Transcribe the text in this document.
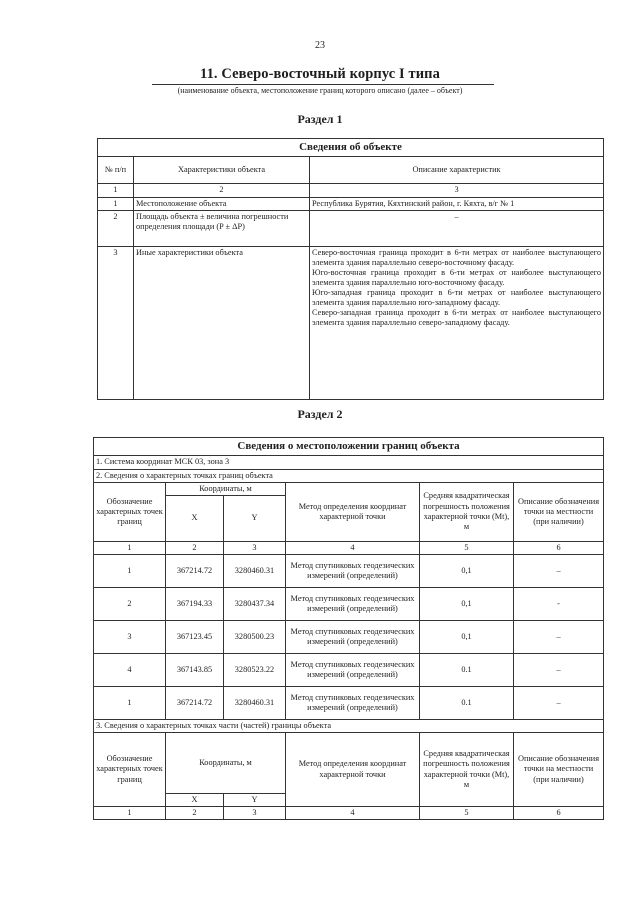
23
11. Северо-восточный корпус I типа
(наименование объекта, местоположение границ которого описано (далее – объект)
Раздел 1
Сведения об объекте		
№ п/п	Характеристики объекта	Описание характеристик
1	2	3
1	Местоположение объекта	Республика Бурятия, Кяхтинский район, г. Кяхта, в/г № 1
2	Площадь объекта ± величина погрешности определения площади (P ± ΔP)	–
3	Иные характеристики объекта	Северо-восточная граница проходит в 6-ти метрах от наиболее выступающего элемента здания параллельно северо-восточному фасаду.
Юго-восточная граница проходит в 6-ти метрах от наиболее выступающего элемента здания параллельно юго-восточному фасаду.
Юго-западная граница проходит в 6-ти метрах от наиболее выступающего элемента здания параллельно юго-западному фасаду.
Северо-западная граница проходит в 6-ти метрах от наиболее выступающего элемента здания параллельно северо-западному фасаду.
Раздел 2
Сведения о местоположении границ объекта					
1. Система координат МСК 03, зона 3					
2. Сведения о характерных точках границ объекта					
Обозначение характерных точек границ	Координаты, м		Метод определения координат характерной точки	Средняя квадратическая погрешность положения характерной точки (Mt), м	Описание обозначения точки на местности (при наличии)
	X	Y			
1	2	3	4	5	6
1	367214.72	3280460.31	Метод спутниковых геодезических измерений (определений)	0,1	–
2	367194.33	3280437.34	Метод спутниковых геодезических измерений (определений)	0,1	-
3	367123.45	3280500.23	Метод спутниковых геодезических измерений (определений)	0,1	–
4	367143.85	3280523.22	Метод спутниковых геодезических измерений (определений)	0.1	–
1	367214.72	3280460.31	Метод спутниковых геодезических измерений (определений)	0.1	–
3. Сведения о характерных точках части (частей) границы объекта					
Обозначение характерных точек границ	Координаты, м		Метод определения координат характерной точки	Средняя квадратическая погрешность положения характерной точки (Mt), м	Описание обозначения точки на местности (при наличии)
	X	Y			
1	2	3	4	5	6
